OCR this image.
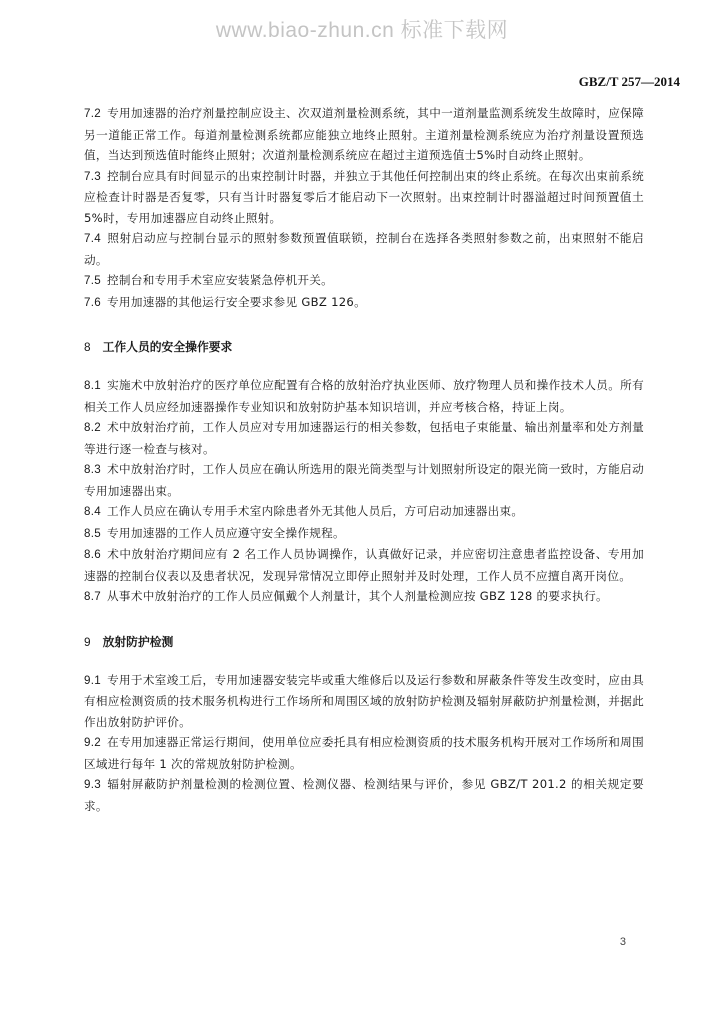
www.biao-zhun.cn 标准下载网
GBZ/T 257—2014

7.2 专用加速器的治疗剂量控制应设主、次双道剂量检测系统，其中一道剂量监测系统发生故障时，应保障另一道能正常工作。每道剂量检测系统都应能独立地终止照射。主道剂量检测系统应为治疗剂量设置预选值，当达到预选值时能终止照射；次道剂量检测系统应在超过主道预选值士5%时自动终止照射。

7.3 控制台应具有时间显示的出束控制计时器，并独立于其他任何控制出束的终止系统。在每次出束前系统应检查计时器是否复零，只有当计时器复零后才能启动下一次照射。出束控制计时器溢超过时间预置值土5%时，专用加速器应自动终止照射。

7.4 照射启动应与控制台显示的照射参数预置值联锁，控制台在选择各类照射参数之前，出束照射不能启动。

7.5 控制台和专用手术室应安装紧急停机开关。

7.6 专用加速器的其他运行安全要求参见 GBZ 126。

8 工作人员的安全操作要求

8.1 实施术中放射治疗的医疗单位应配置有合格的放射治疗执业医师、放疗物理人员和操作技术人员。所有相关工作人员应经加速器操作专业知识和放射防护基本知识培训，并应考核合格，持证上岗。

8.2 术中放射治疗前，工作人员应对专用加速器运行的相关参数，包括电子束能量、输出剂量率和处方剂量等进行逐一检查与核对。

8.3 术中放射治疗时，工作人员应在确认所选用的限光筒类型与计划照射所设定的限光筒一致时，方能启动专用加速器出束。

8.4 工作人员应在确认专用手术室内除患者外无其他人员后，方可启动加速器出束。

8.5 专用加速器的工作人员应遵守安全操作规程。

8.6 术中放射治疗期间应有 2 名工作人员协调操作，认真做好记录，并应密切注意患者监控设备、专用加速器的控制台仪表以及患者状况，发现异常情况立即停止照射并及时处理，工作人员不应擅自离开岗位。

8.7 从事术中放射治疗的工作人员应佩戴个人剂量计，其个人剂量检测应按 GBZ 128 的要求执行。

9 放射防护检测

9.1 专用于术室竣工后，专用加速器安装完毕或重大维修后以及运行参数和屏蔽条件等发生改变时，应由具有相应检测资质的技术服务机构进行工作场所和周围区域的放射防护检测及辐射屏蔽防护剂量检测，并据此作出放射防护评价。

9.2 在专用加速器正常运行期间，使用单位应委托具有相应检测资质的技术服务机构开展对工作场所和周围区域进行每年 1 次的常规放射防护检测。

9.3 辐射屏蔽防护剂量检测的检测位置、检测仪器、检测结果与评价，参见 GBZ/T 201.2 的相关规定要求。

3
